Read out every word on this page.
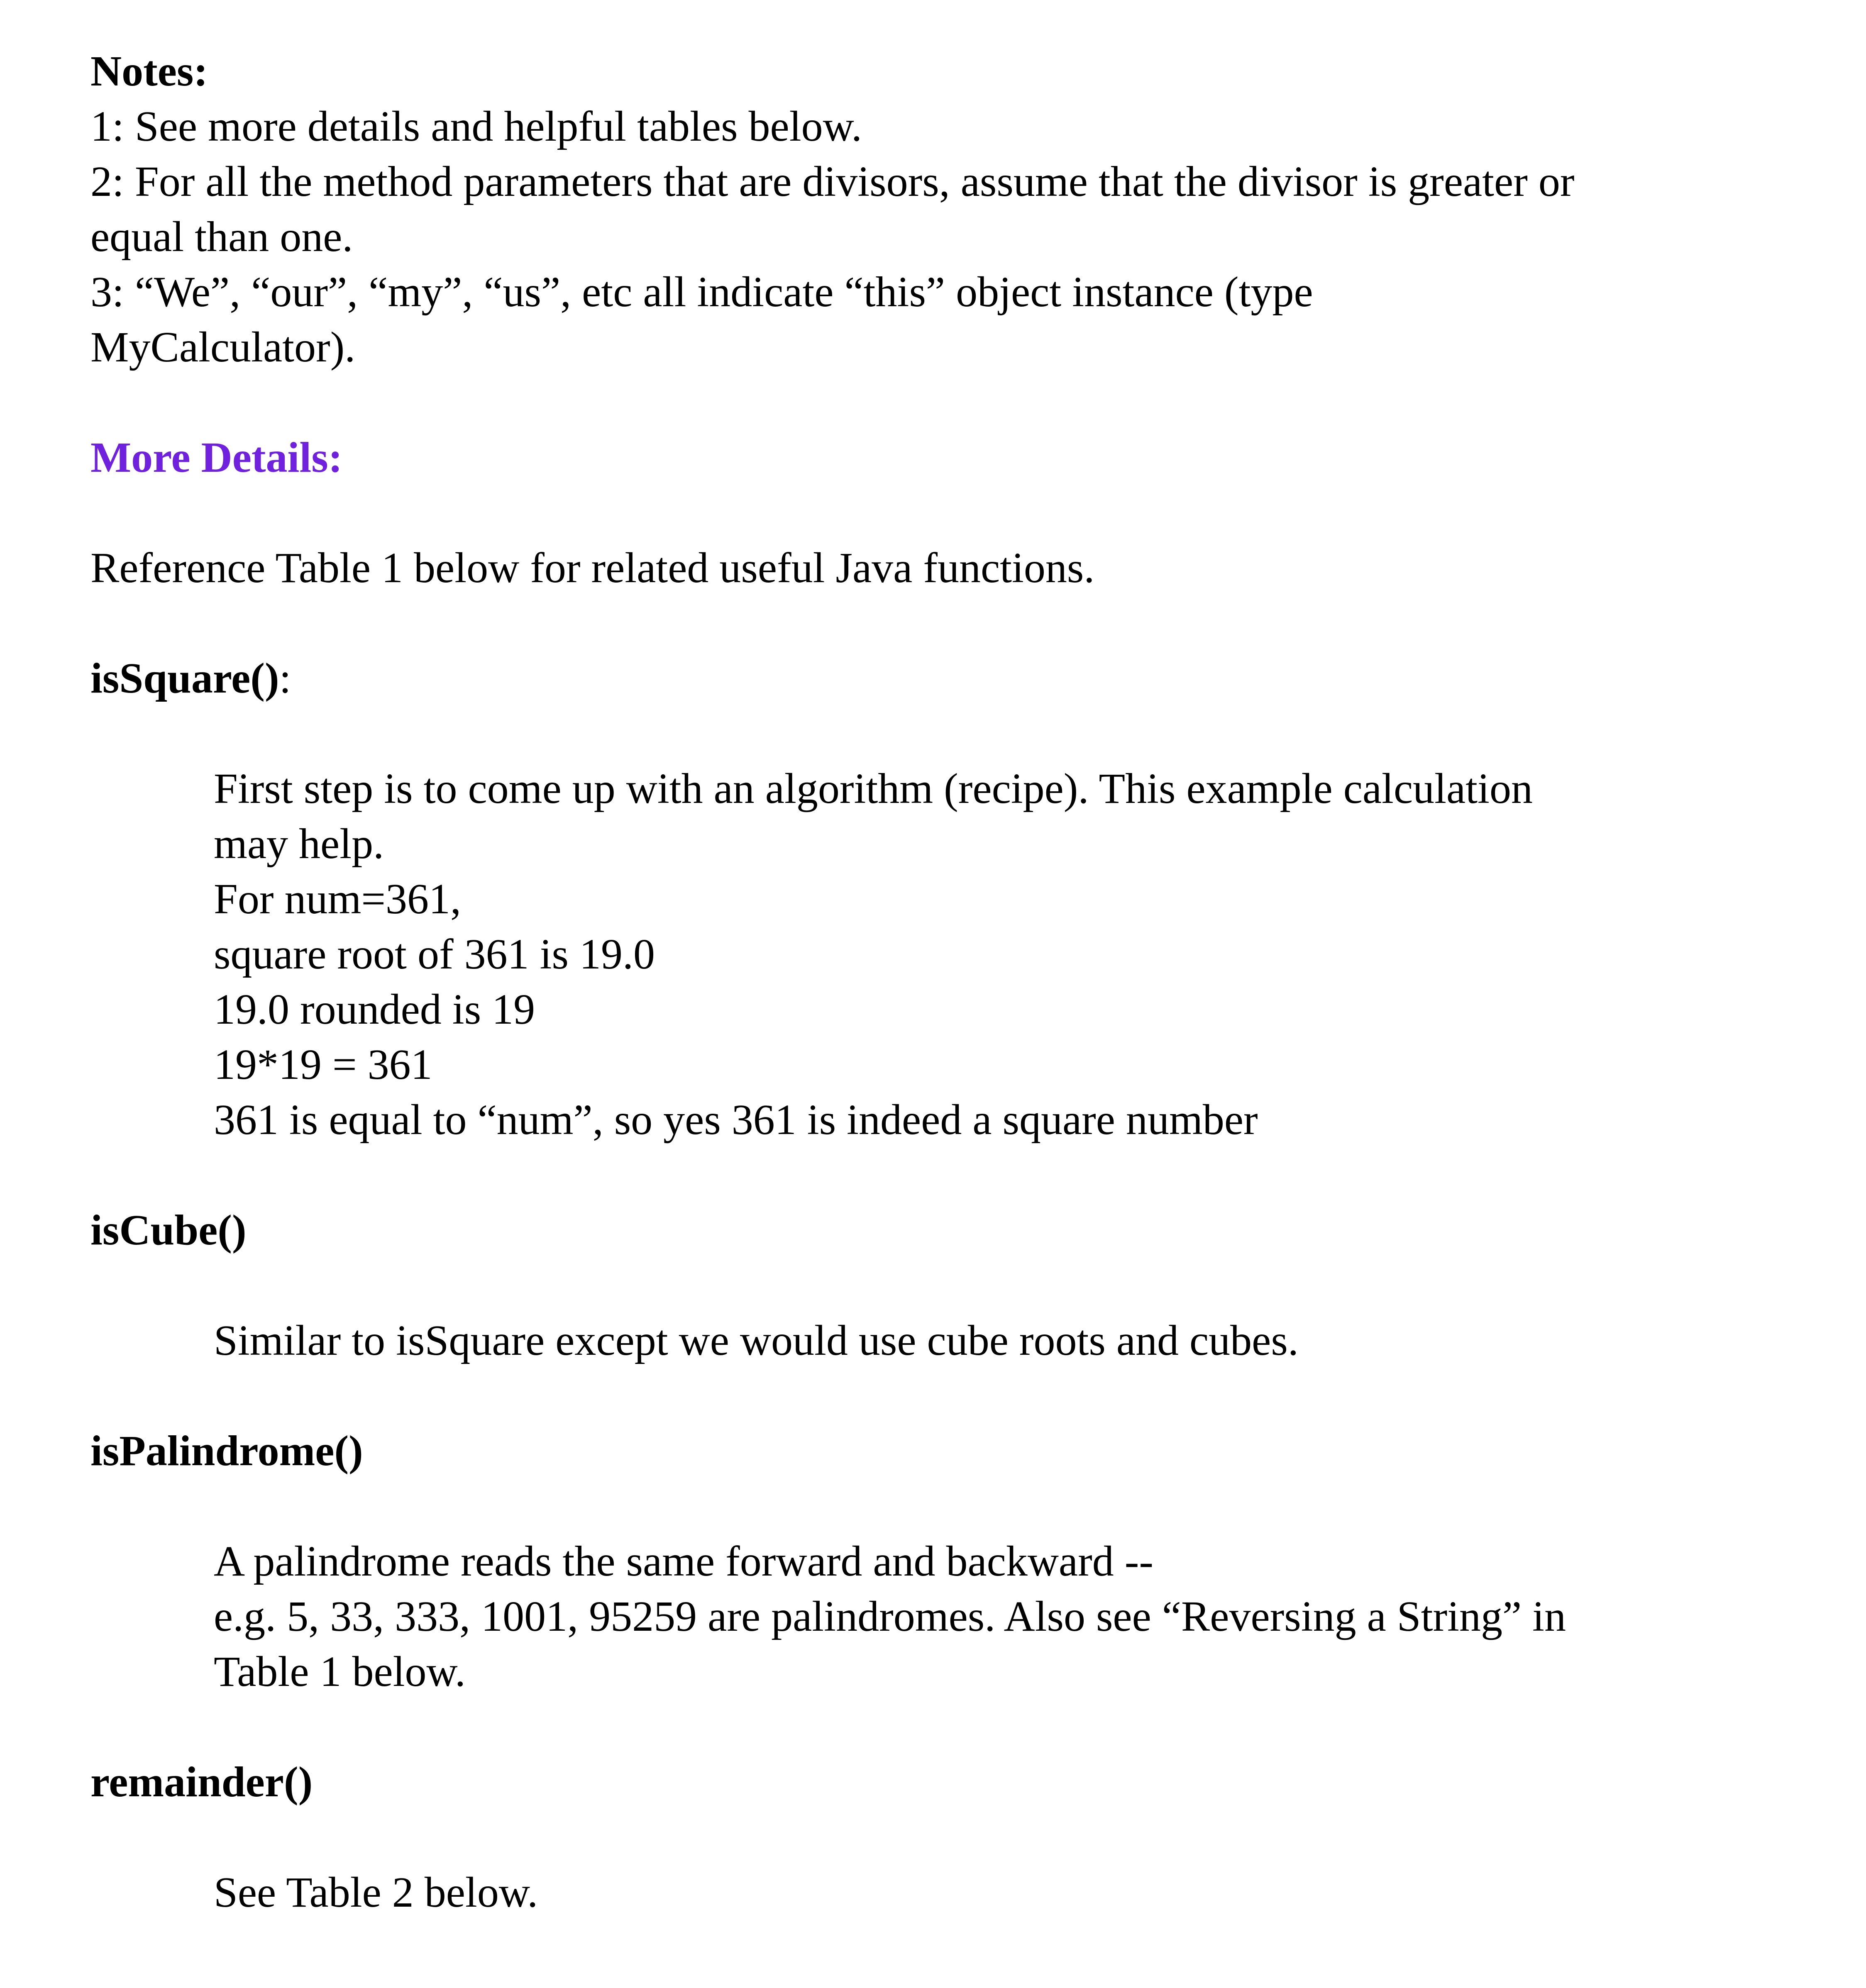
Notes:
1: See more details and helpful tables below.
2: For all the method parameters that are divisors, assume that the divisor is greater or
equal than one.
3: “We”, “our”, “my”, “us”, etc all indicate “this” object instance (type
MyCalculator).
More Details:
Reference Table 1 below for related useful Java functions.
isSquare():
First step is to come up with an algorithm (recipe). This example calculation
may help.
For num=361,
square root of 361 is 19.0
19.0 rounded is 19
19*19 = 361
361 is equal to “num”, so yes 361 is indeed a square number
isCube()
Similar to isSquare except we would use cube roots and cubes.
isPalindrome()
A palindrome reads the same forward and backward --
e.g. 5, 33, 333, 1001, 95259 are palindromes. Also see “Reversing a String” in
Table 1 below.
remainder()
See Table 2 below.
